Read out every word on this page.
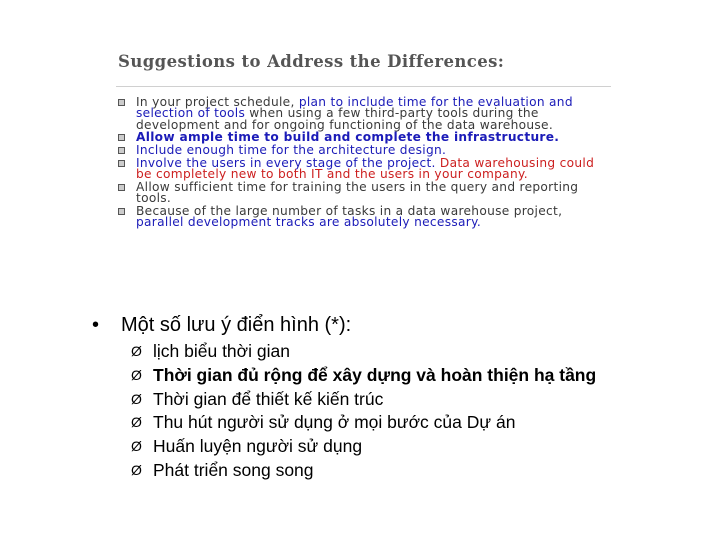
Suggestions to Address the Differences:
In your project schedule, plan to include time for the evaluation and selection of tools when using a few third-party tools during the development and for ongoing functioning of the data warehouse.
Allow ample time to build and complete the infrastructure.
Include enough time for the architecture design.
Involve the users in every stage of the project. Data warehousing could be completely new to both IT and the users in your company.
Allow sufficient time for training the users in the query and reporting tools.
Because of the large number of tasks in a data warehouse project, parallel development tracks are absolutely necessary.
• Một số lưu ý điển hình (*):
Ø lịch biểu thời gian
Ø Thời gian đủ rộng để xây dựng và hoàn thiện hạ tầng
Ø Thời gian để thiết kế kiến trúc
Ø Thu hút người sử dụng ở mọi bước của Dự án
Ø Huấn luyện người sử dụng
Ø Phát triển song song
